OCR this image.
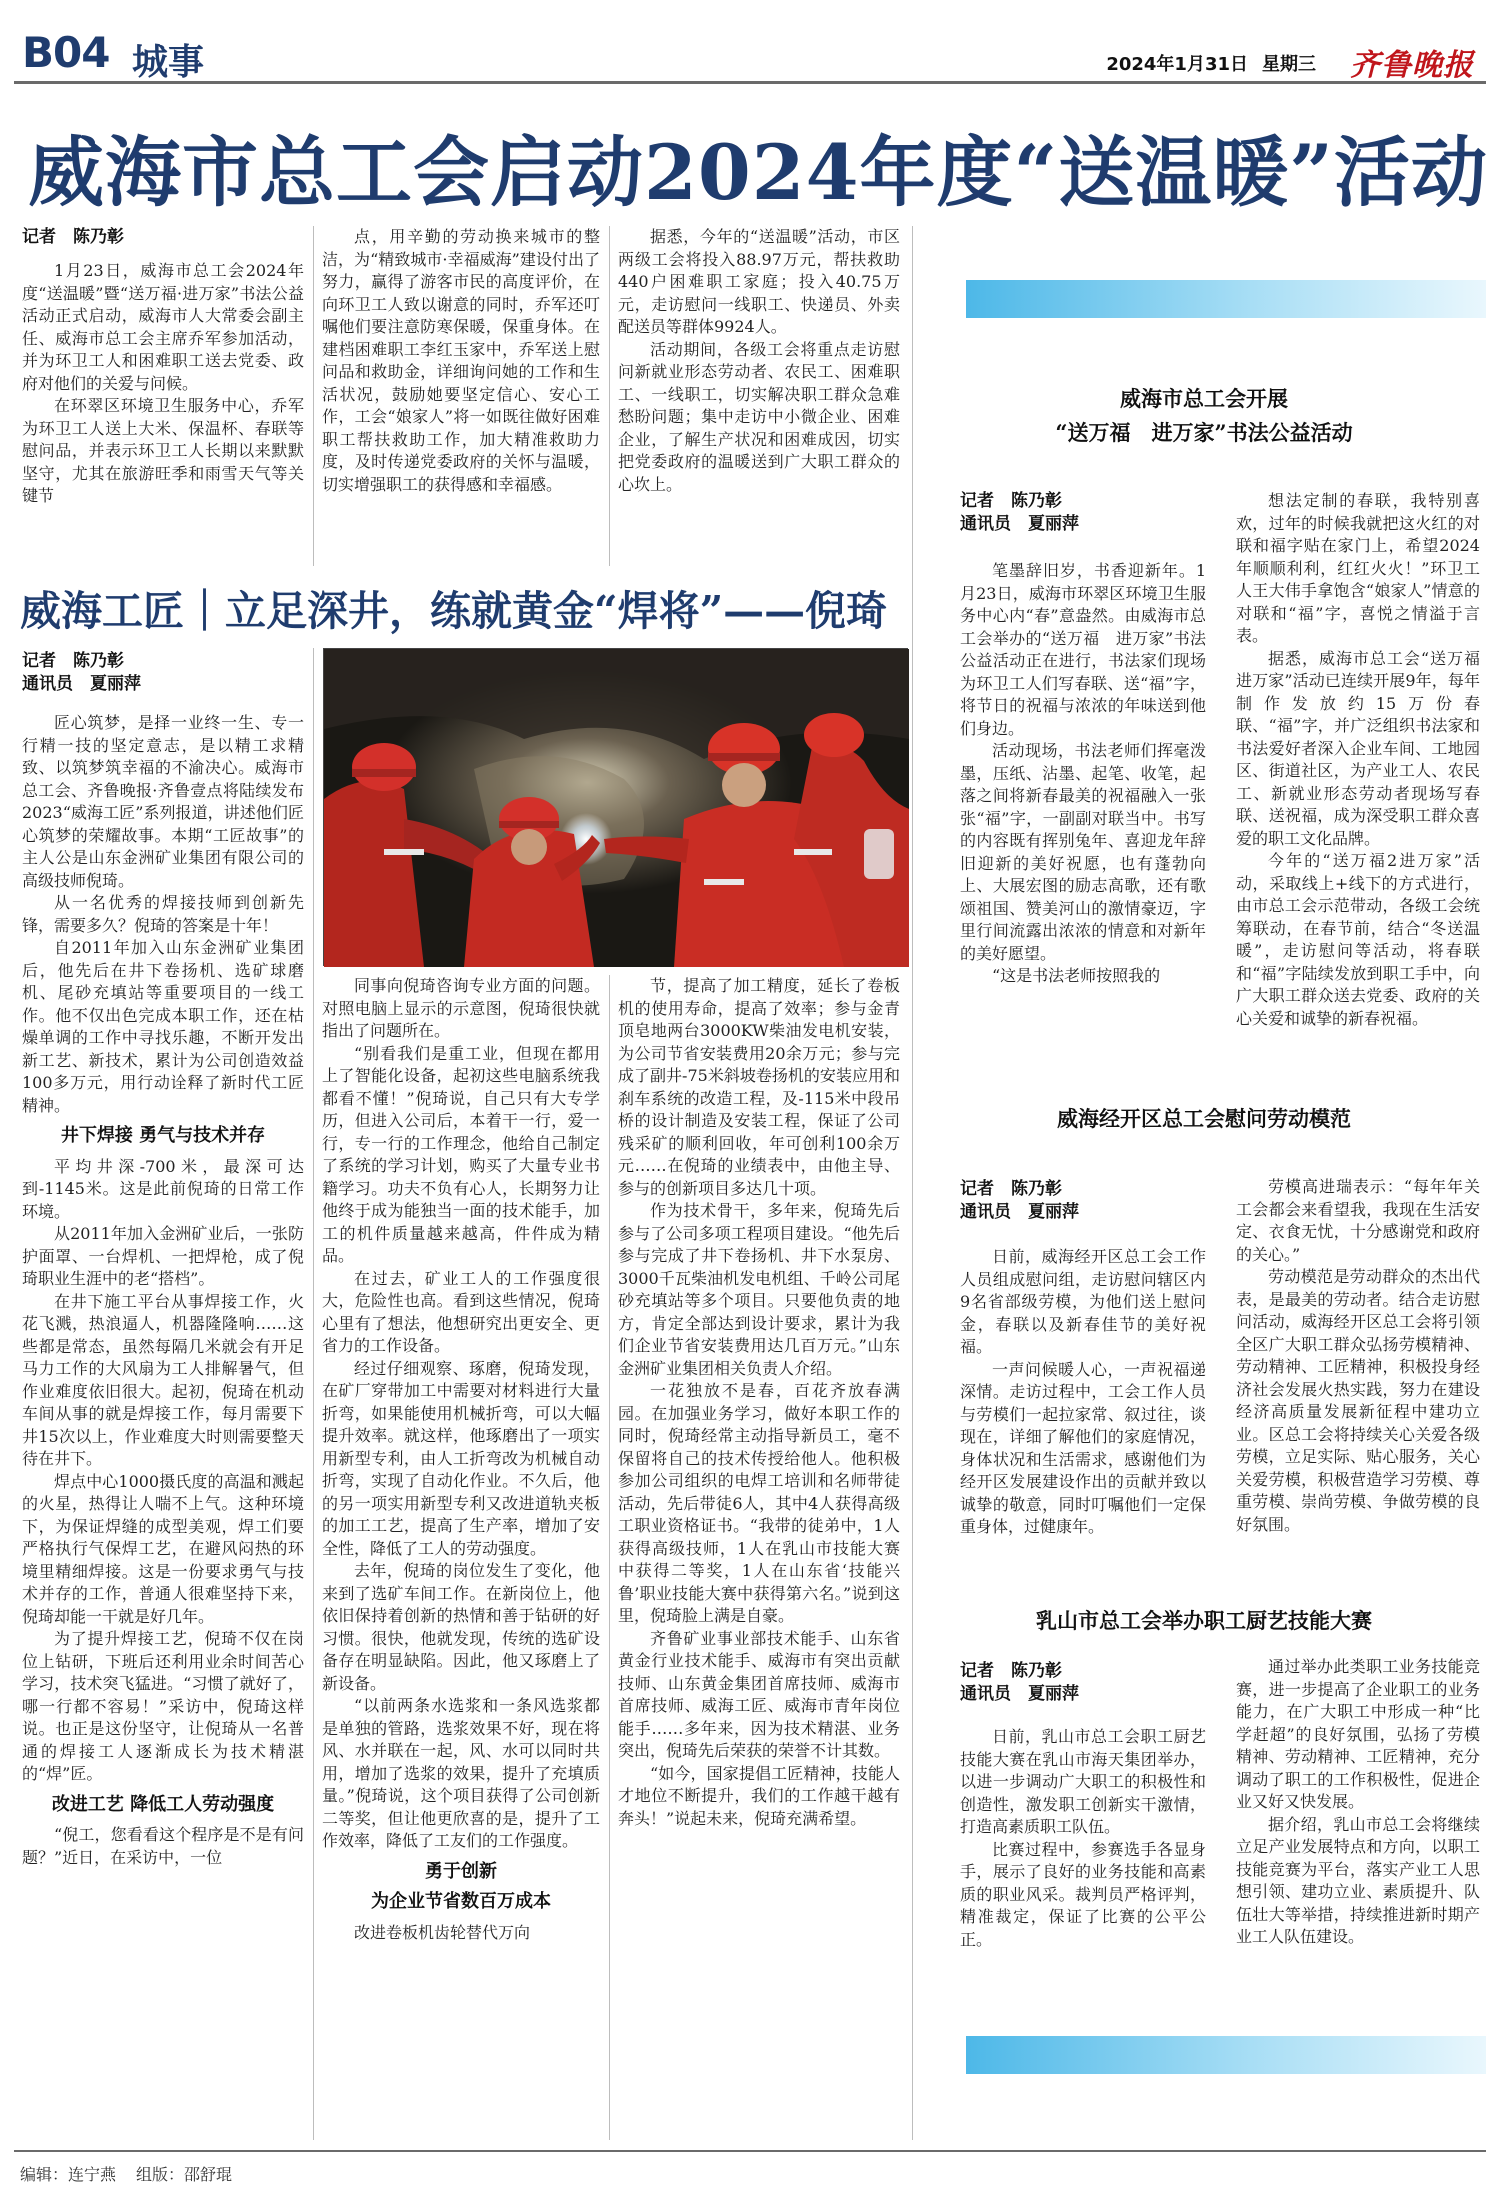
B04 城事	2024年1月31日 星期三 齐鲁晚报
威海市总工会启动2024年度“送温暖”活动
记者　陈乃彰

1月23日，威海市总工会2024年度“送温暖”暨“送万福·进万家”书法公益活动正式启动，威海市人大常委会副主任、威海市总工会主席乔军参加活动，并为环卫工人和困难职工送去党委、政府对他们的关爱与问候。

在环翠区环境卫生服务中心，乔军为环卫工人送上大米、保温杯、春联等慰问品，并表示环卫工人长期以来默默坚守，尤其在旅游旺季和雨雪天气等关键节

点，用辛勤的劳动换来城市的整洁，为“精致城市·幸福威海”建设付出了努力，赢得了游客市民的高度评价，在向环卫工人致以谢意的同时，乔军还叮嘱他们要注意防寒保暖，保重身体。在建档困难职工李红玉家中，乔军送上慰问品和救助金，详细询问她的工作和生活状况，鼓励她要坚定信心、安心工作，工会“娘家人”将一如既往做好困难职工帮扶救助工作，加大精准救助力度，及时传递党委政府的关怀与温暖，切实增强职工的获得感和幸福感。

据悉，今年的“送温暖”活动，市区两级工会将投入88.97万元，帮扶救助440户困难职工家庭；投入40.75万元，走访慰问一线职工、快递员、外卖配送员等群体9924人。

活动期间，各级工会将重点走访慰问新就业形态劳动者、农民工、困难职工、一线职工，切实解决职工群众急难愁盼问题；集中走访中小微企业、困难企业，了解生产状况和困难成因，切实把党委政府的温暖送到广大职工群众的心坎上。

威海工匠｜立足深井，练就黄金“焊将”——倪琦
记者　陈乃彰
通讯员　夏丽萍

匠心筑梦，是择一业终一生、专一行精一技的坚定意志，是以精工求精致、以筑梦筑幸福的不渝决心。威海市总工会、齐鲁晚报·齐鲁壹点将陆续发布2023“威海工匠”系列报道，讲述他们匠心筑梦的荣耀故事。本期“工匠故事”的主人公是山东金洲矿业集团有限公司的高级技师倪琦。

从一名优秀的焊接技师到创新先锋，需要多久？倪琦的答案是十年！

自2011年加入山东金洲矿业集团后，他先后在井下卷扬机、选矿球磨机、尾砂充填站等重要项目的一线工作。他不仅出色完成本职工作，还在枯燥单调的工作中寻找乐趣，不断开发出新工艺、新技术，累计为公司创造效益100多万元，用行动诠释了新时代工匠精神。

井下焊接 勇气与技术并存

平均井深-700米，最深可达到-1145米。这是此前倪琦的日常工作环境。

从2011年加入金洲矿业后，一张防护面罩、一台焊机、一把焊枪，成了倪琦职业生涯中的老“搭档”。

在井下施工平台从事焊接工作，火花飞溅，热浪逼人，机器隆隆响……这些都是常态，虽然每隔几米就会有开足马力工作的大风扇为工人排解暑气，但作业难度依旧很大。起初，倪琦在机动车间从事的就是焊接工作，每月需要下井15次以上，作业难度大时则需要整天待在井下。

焊点中心1000摄氏度的高温和溅起的火星，热得让人喘不上气。这种环境下，为保证焊缝的成型美观，焊工们要严格执行气保焊工艺，在避风闷热的环境里精细焊接。这是一份要求勇气与技术并存的工作，普通人很难坚持下来，倪琦却能一干就是好几年。

为了提升焊接工艺，倪琦不仅在岗位上钻研，下班后还利用业余时间苦心学习，技术突飞猛进。“习惯了就好了，哪一行都不容易！”采访中，倪琦这样说。也正是这份坚守，让倪琦从一名普通的焊接工人逐渐成长为技术精湛的“焊”匠。

改进工艺 降低工人劳动强度

“倪工，您看看这个程序是不是有问题？”近日，在采访中，一位

同事向倪琦咨询专业方面的问题。对照电脑上显示的示意图，倪琦很快就指出了问题所在。

“别看我们是重工业，但现在都用上了智能化设备，起初这些电脑系统我都看不懂！”倪琦说，自己只有大专学历，但进入公司后，本着干一行，爱一行，专一行的工作理念，他给自己制定了系统的学习计划，购买了大量专业书籍学习。功夫不负有心人，长期努力让他终于成为能独当一面的技术能手，加工的机件质量越来越高，件件成为精品。

在过去，矿业工人的工作强度很大，危险性也高。看到这些情况，倪琦心里有了想法，他想研究出更安全、更省力的工作设备。

经过仔细观察、琢磨，倪琦发现，在矿厂穿带加工中需要对材料进行大量折弯，如果能使用机械折弯，可以大幅提升效率。就这样，他琢磨出了一项实用新型专利，由人工折弯改为机械自动折弯，实现了自动化作业。不久后，他的另一项实用新型专利又改进道轨夹板的加工工艺，提高了生产率，增加了安全性，降低了工人的劳动强度。

去年，倪琦的岗位发生了变化，他来到了选矿车间工作。在新岗位上，他依旧保持着创新的热情和善于钻研的好习惯。很快，他就发现，传统的选矿设备存在明显缺陷。因此，他又琢磨上了新设备。

“以前两条水选浆和一条风选浆都是单独的管路，选浆效果不好，现在将风、水并联在一起，风、水可以同时共用，增加了选浆的效果，提升了充填质量。”倪琦说，这个项目获得了公司创新二等奖，但让他更欣喜的是，提升了工作效率，降低了工友们的工作强度。

勇于创新
为企业节省数百万成本

改进卷板机齿轮替代万向

节，提高了加工精度，延长了卷板机的使用寿命，提高了效率；参与金青顶皂地两台3000KW柴油发电机安装，为公司节省安装费用20余万元；参与完成了副井-75米斜坡卷扬机的安装应用和刹车系统的改造工程，及-115米中段吊桥的设计制造及安装工程，保证了公司残采矿的顺利回收，年可创利100余万元……在倪琦的业绩表中，由他主导、参与的创新项目多达几十项。

作为技术骨干，多年来，倪琦先后参与了公司多项工程项目建设。“他先后参与完成了井下卷扬机、井下水泵房、3000千瓦柴油机发电机组、千岭公司尾砂充填站等多个项目。只要他负责的地方，肯定全部达到设计要求，累计为我们企业节省安装费用达几百万元。”山东金洲矿业集团相关负责人介绍。

一花独放不是春，百花齐放春满园。在加强业务学习，做好本职工作的同时，倪琦经常主动指导新员工，毫不保留将自己的技术传授给他人。他积极参加公司组织的电焊工培训和名师带徒活动，先后带徒6人，其中4人获得高级工职业资格证书。“我带的徒弟中，1人获得高级技师，1人在乳山市技能大赛中获得二等奖，1人在山东省‘技能兴鲁’职业技能大赛中获得第六名。”说到这里，倪琦脸上满是自豪。

齐鲁矿业事业部技术能手、山东省黄金行业技术能手、威海市有突出贡献技师、山东黄金集团首席技师、威海市首席技师、威海工匠、威海市青年岗位能手……多年来，因为技术精湛、业务突出，倪琦先后荣获的荣誉不计其数。

“如今，国家提倡工匠精神，技能人才地位不断提升，我们的工作越干越有奔头！”说起未来，倪琦充满希望。

威海市总工会开展
“送万福　进万家”书法公益活动
记者　陈乃彰
通讯员　夏丽萍

笔墨辞旧岁，书香迎新年。1月23日，威海市环翠区环境卫生服务中心内“春”意盎然。由威海市总工会举办的“送万福　进万家”书法公益活动正在进行，书法家们现场为环卫工人们写春联、送“福”字，将节日的祝福与浓浓的年味送到他们身边。

活动现场，书法老师们挥毫泼墨，压纸、沾墨、起笔、收笔，起落之间将新春最美的祝福融入一张张“福”字，一副副对联当中。书写的内容既有挥别兔年、喜迎龙年辞旧迎新的美好祝愿，也有蓬勃向上、大展宏图的励志高歌，还有歌颂祖国、赞美河山的激情豪迈，字里行间流露出浓浓的情意和对新年的美好愿望。

“这是书法老师按照我的

想法定制的春联，我特别喜欢，过年的时候我就把这火红的对联和福字贴在家门上，希望2024年顺顺利利，红红火火！”环卫工人王大伟手拿饱含“娘家人”情意的对联和“福”字，喜悦之情溢于言表。

据悉，威海市总工会“送万福　进万家”活动已连续开展9年，每年制作发放约15万份春联、“福”字，并广泛组织书法家和书法爱好者深入企业车间、工地园区、街道社区，为产业工人、农民工、新就业形态劳动者现场写春联、送祝福，成为深受职工群众喜爱的职工文化品牌。

今年的“送万福2进万家”活动，采取线上+线下的方式进行，由市总工会示范带动，各级工会统筹联动，在春节前，结合“冬送温暖”，走访慰问等活动，将春联和“福”字陆续发放到职工手中，向广大职工群众送去党委、政府的关心关爱和诚挚的新春祝福。

威海经开区总工会慰问劳动模范
记者　陈乃彰
通讯员　夏丽萍

日前，威海经开区总工会工作人员组成慰问组，走访慰问辖区内9名省部级劳模，为他们送上慰问金，春联以及新春佳节的美好祝福。

一声问候暖人心，一声祝福递深情。走访过程中，工会工作人员与劳模们一起拉家常、叙过往，谈现在，详细了解他们的家庭情况，身体状况和生活需求，感谢他们为经开区发展建设作出的贡献并致以诚挚的敬意，同时叮嘱他们一定保重身体，过健康年。

劳模高进瑞表示：“每年年关工会都会来看望我，我现在生活安定、衣食无忧，十分感谢党和政府的关心。”

劳动模范是劳动群众的杰出代表，是最美的劳动者。结合走访慰问活动，威海经开区总工会将引领全区广大职工群众弘扬劳模精神、劳动精神、工匠精神，积极投身经济社会发展火热实践，努力在建设经济高质量发展新征程中建功立业。区总工会将持续关心关爱各级劳模，立足实际、贴心服务，关心关爱劳模，积极营造学习劳模、尊重劳模、崇尚劳模、争做劳模的良好氛围。

乳山市总工会举办职工厨艺技能大赛
记者　陈乃彰
通讯员　夏丽萍

日前，乳山市总工会职工厨艺技能大赛在乳山市海天集团举办，以进一步调动广大职工的积极性和创造性，激发职工创新实干激情，打造高素质职工队伍。

比赛过程中，参赛选手各显身手，展示了良好的业务技能和高素质的职业风采。裁判员严格评判，精准裁定，保证了比赛的公平公正。

通过举办此类职工业务技能竞赛，进一步提高了企业职工的业务能力，在广大职工中形成一种“比学赶超”的良好氛围，弘扬了劳模精神、劳动精神、工匠精神，充分调动了职工的工作积极性，促进企业又好又快发展。

据介绍，乳山市总工会将继续立足产业发展特点和方向，以职工技能竞赛为平台，落实产业工人思想引领、建功立业、素质提升、队伍壮大等举措，持续推进新时期产业工人队伍建设。

编辑：连宁燕 组版：邵舒琨
